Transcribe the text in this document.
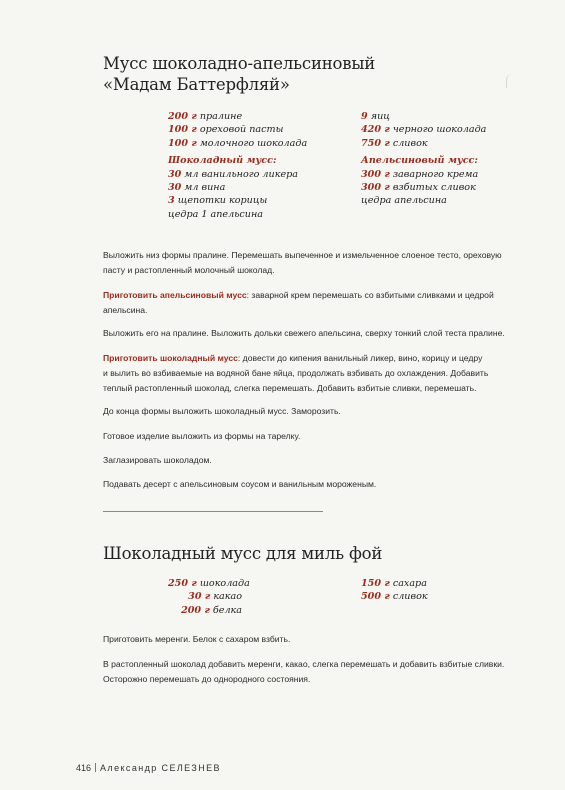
Мусс шоколадно-апельсиновый
«Мадам Баттерфляй»
200 г пралине
100 г ореховой пасты
100 г молочного шоколада
Шоколадный мусс:
30 мл ванильного ликера
30 мл вина
3 щепотки корицы
цедра 1 апельсина
9 яиц
420 г черного шоколада
750 г сливок
Апельсиновый мусс:
300 г заварного крема
300 г взбитых сливок
цедра апельсина
Выложить низ формы пралине. Перемешать выпеченное и измельченное слоеное тесто, ореховую
пасту и растопленный молочный шоколад.
Приготовить апельсиновый мусс: заварной крем перемешать со взбитыми сливками и цедрой
апельсина.
Выложить его на пралине. Выложить дольки свежего апельсина, сверху тонкий слой теста пралине.
Приготовить шоколадный мусс: довести до кипения ванильный ликер, вино, корицу и цедру
и вылить во взбиваемые на водяной бане яйца, продолжать взбивать до охлаждения. Добавить
теплый растопленный шоколад, слегка перемешать. Добавить взбитые сливки, перемешать.
До конца формы выложить шоколадный мусс. Заморозить.
Готовое изделие выложить из формы на тарелку.
Заглазировать шоколадом.
Подавать десерт с апельсиновым соусом и ванильным мороженым.
Шоколадный мусс для миль фой
250 г шоколада
30 г какао
200 г белка
150 г сахара
500 г сливок
Приготовить меренги. Белок с сахаром взбить.
В растопленный шоколад добавить меренги, какао, слегка перемешать и добавить взбитые сливки.
Осторожно перемешать до однородного состояния.
416 Александр СЕЛЕЗНЕВ
